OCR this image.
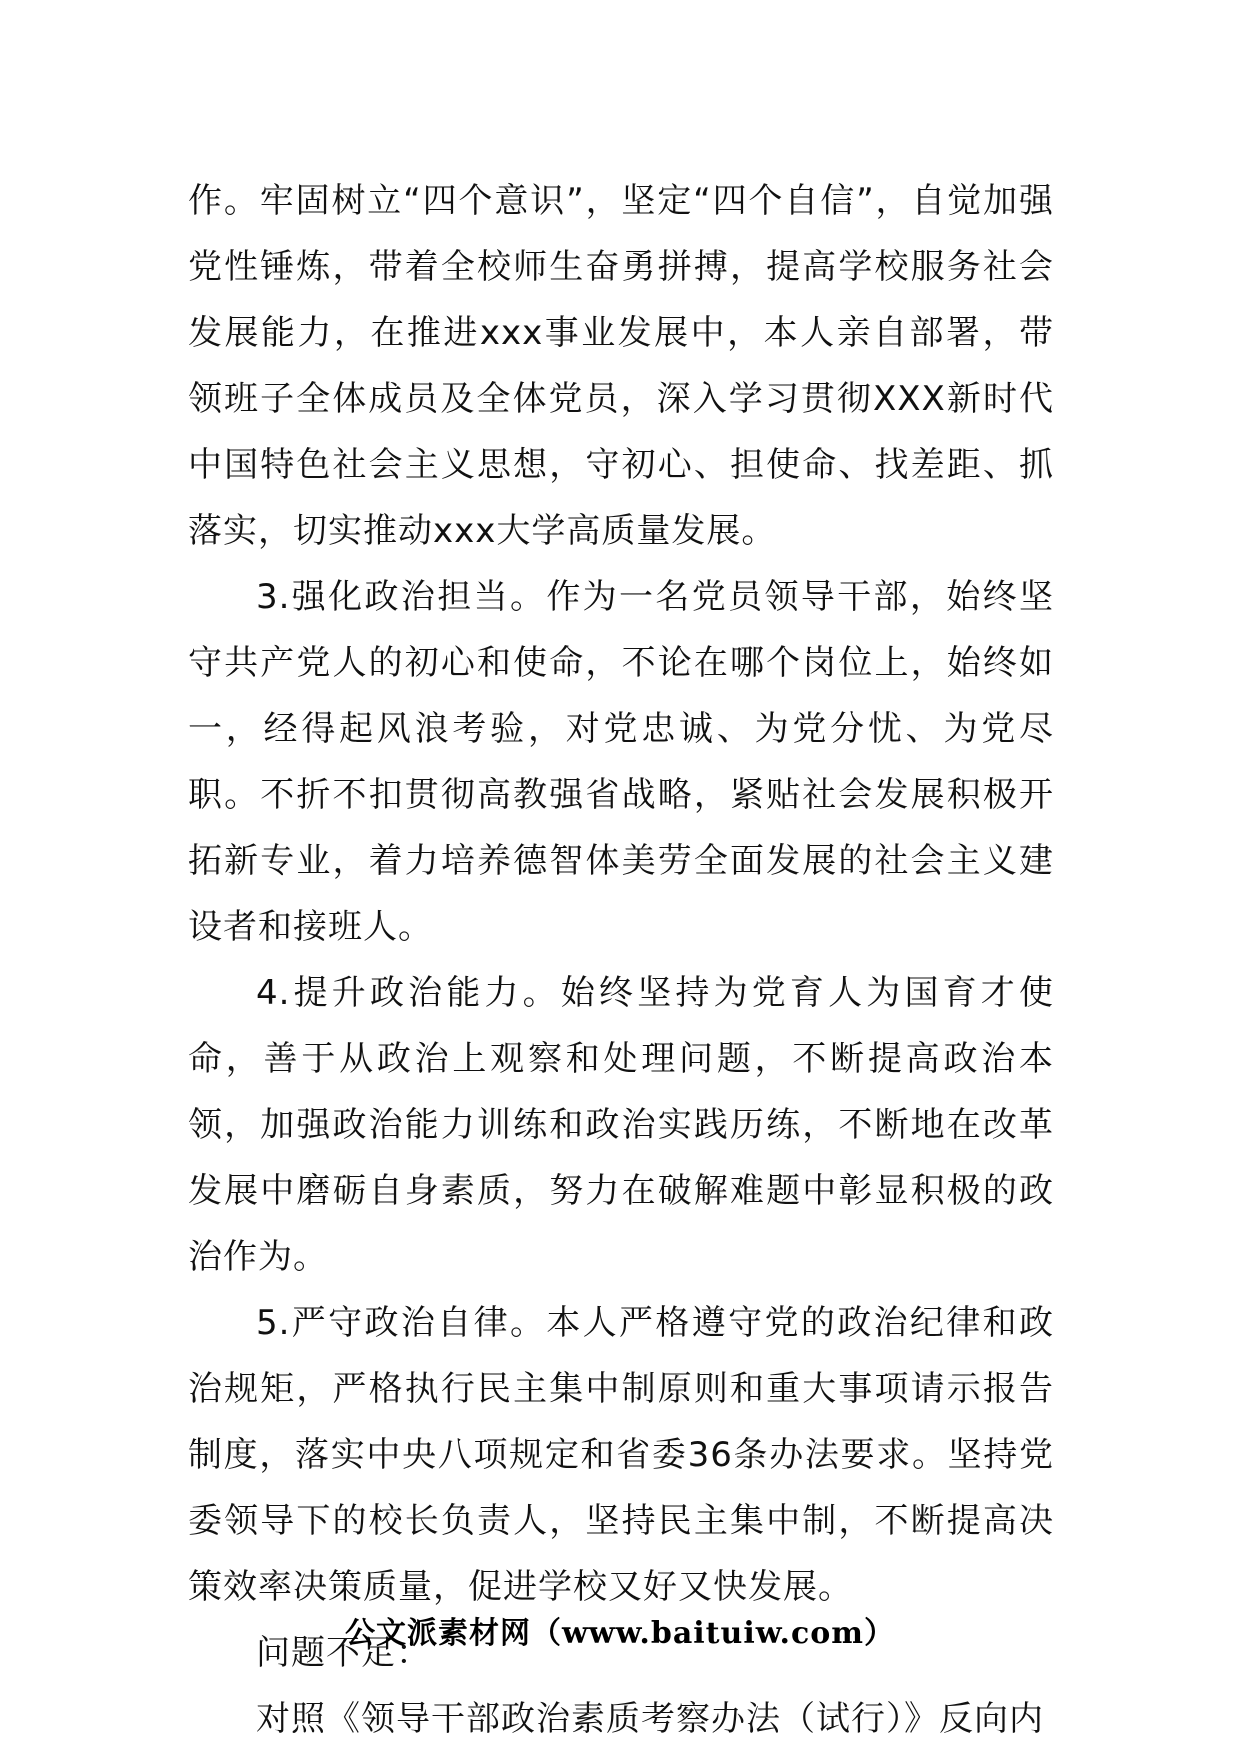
作。牢固树立“四个意识”，坚定“四个自信”，自觉加强党性锤炼，带着全校师生奋勇拼搏，提高学校服务社会发展能力，在推进xxx事业发展中，本人亲自部署，带领班子全体成员及全体党员，深入学习贯彻XXX新时代中国特色社会主义思想，守初心、担使命、找差距、抓落实，切实推动xxx大学高质量发展。

3.强化政治担当。作为一名党员领导干部，始终坚守共产党人的初心和使命，不论在哪个岗位上，始终如一，经得起风浪考验，对党忠诚、为党分忧、为党尽职。不折不扣贯彻高教强省战略，紧贴社会发展积极开拓新专业，着力培养德智体美劳全面发展的社会主义建设者和接班人。

4.提升政治能力。始终坚持为党育人为国育才使命，善于从政治上观察和处理问题，不断提高政治本领，加强政治能力训练和政治实践历练，不断地在改革发展中磨砺自身素质，努力在破解难题中彰显积极的政治作为。

5.严守政治自律。本人严格遵守党的政治纪律和政治规矩，严格执行民主集中制原则和重大事项请示报告制度，落实中央八项规定和省委36条办法要求。坚持党委领导下的校长负责人，坚持民主集中制，不断提高决策效率决策质量，促进学校又好又快发展。

问题不足：

对照《领导干部政治素质考察办法（试行）》反向内

公文派素材网（www.baituiw.com）
